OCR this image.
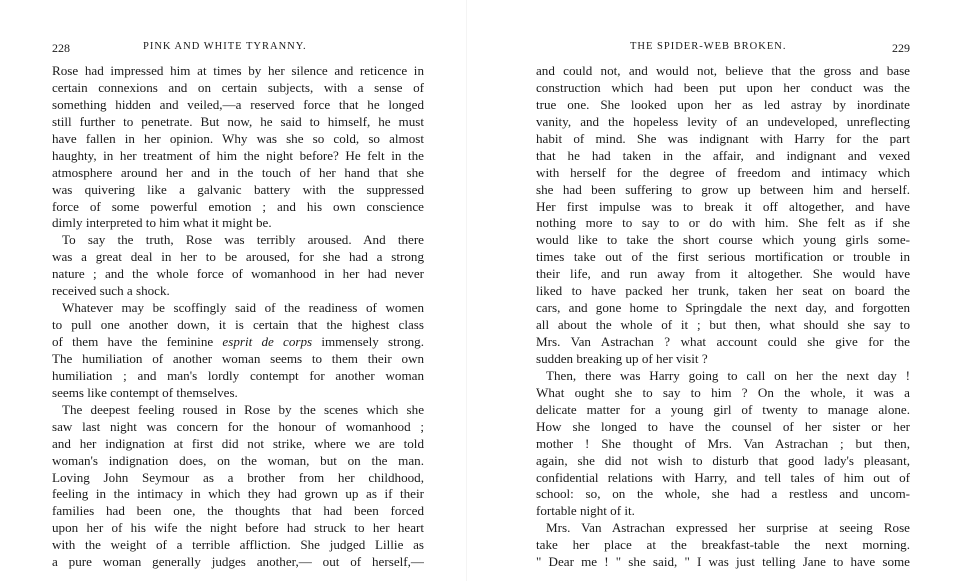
228	PINK AND WHITE TYRANNY.
Rose had impressed him at times by her silence and reticence in
certain connexions and on certain subjects, with a sense of
something hidden and veiled,—a reserved force that he longed
still further to penetrate. But now, he said to himself, he must
have fallen in her opinion. Why was she so cold, so almost
haughty, in her treatment of him the night before? He felt in the
atmosphere around her and in the touch of her hand that she
was quivering like a galvanic battery with the suppressed
force of some powerful emotion ; and his own conscience
dimly interpreted to him what it might be.
To say the truth, Rose was terribly aroused. And there
was a great deal in her to be aroused, for she had a strong
nature ; and the whole force of womanhood in her had never
received such a shock.
Whatever may be scoffingly said of the readiness of women
to pull one another down, it is certain that the highest class
of them have the feminine esprit de corps immensely strong.
The humiliation of another woman seems to them their own
humiliation ; and man's lordly contempt for another woman
seems like contempt of themselves.
The deepest feeling roused in Rose by the scenes which she
saw last night was concern for the honour of womanhood ;
and her indignation at first did not strike, where we are told
woman's indignation does, on the woman, but on the man.
Loving John Seymour as a brother from her childhood,
feeling in the intimacy in which they had grown up as if their
families had been one, the thoughts that had been forced
upon her of his wife the night before had struck to her heart
with the weight of a terrible affliction. She judged Lillie as
a pure woman generally judges another,— out of herself,—
THE SPIDER-WEB BROKEN.	229
and could not, and would not, believe that the gross and base
construction which had been put upon her conduct was the
true one. She looked upon her as led astray by inordinate
vanity, and the hopeless levity of an undeveloped, unreflecting
habit of mind. She was indignant with Harry for the part
that he had taken in the affair, and indignant and vexed
with herself for the degree of freedom and intimacy which
she had been suffering to grow up between him and herself.
Her first impulse was to break it off altogether, and have
nothing more to say to or do with him. She felt as if she
would like to take the short course which young girls some-
times take out of the first serious mortification or trouble in
their life, and run away from it altogether. She would have
liked to have packed her trunk, taken her seat on board the
cars, and gone home to Springdale the next day, and forgotten
all about the whole of it ; but then, what should she say to
Mrs. Van Astrachan ? what account could she give for the
sudden breaking up of her visit ?
Then, there was Harry going to call on her the next day !
What ought she to say to him ? On the whole, it was a
delicate matter for a young girl of twenty to manage alone.
How she longed to have the counsel of her sister or her
mother ! She thought of Mrs. Van Astrachan ; but then,
again, she did not wish to disturb that good lady's pleasant,
confidential relations with Harry, and tell tales of him out of
school: so, on the whole, she had a restless and uncom-
fortable night of it.
Mrs. Van Astrachan expressed her surprise at seeing Rose
take her place at the breakfast-table the next morning.
" Dear me ! " she said, " I was just telling Jane to have some
